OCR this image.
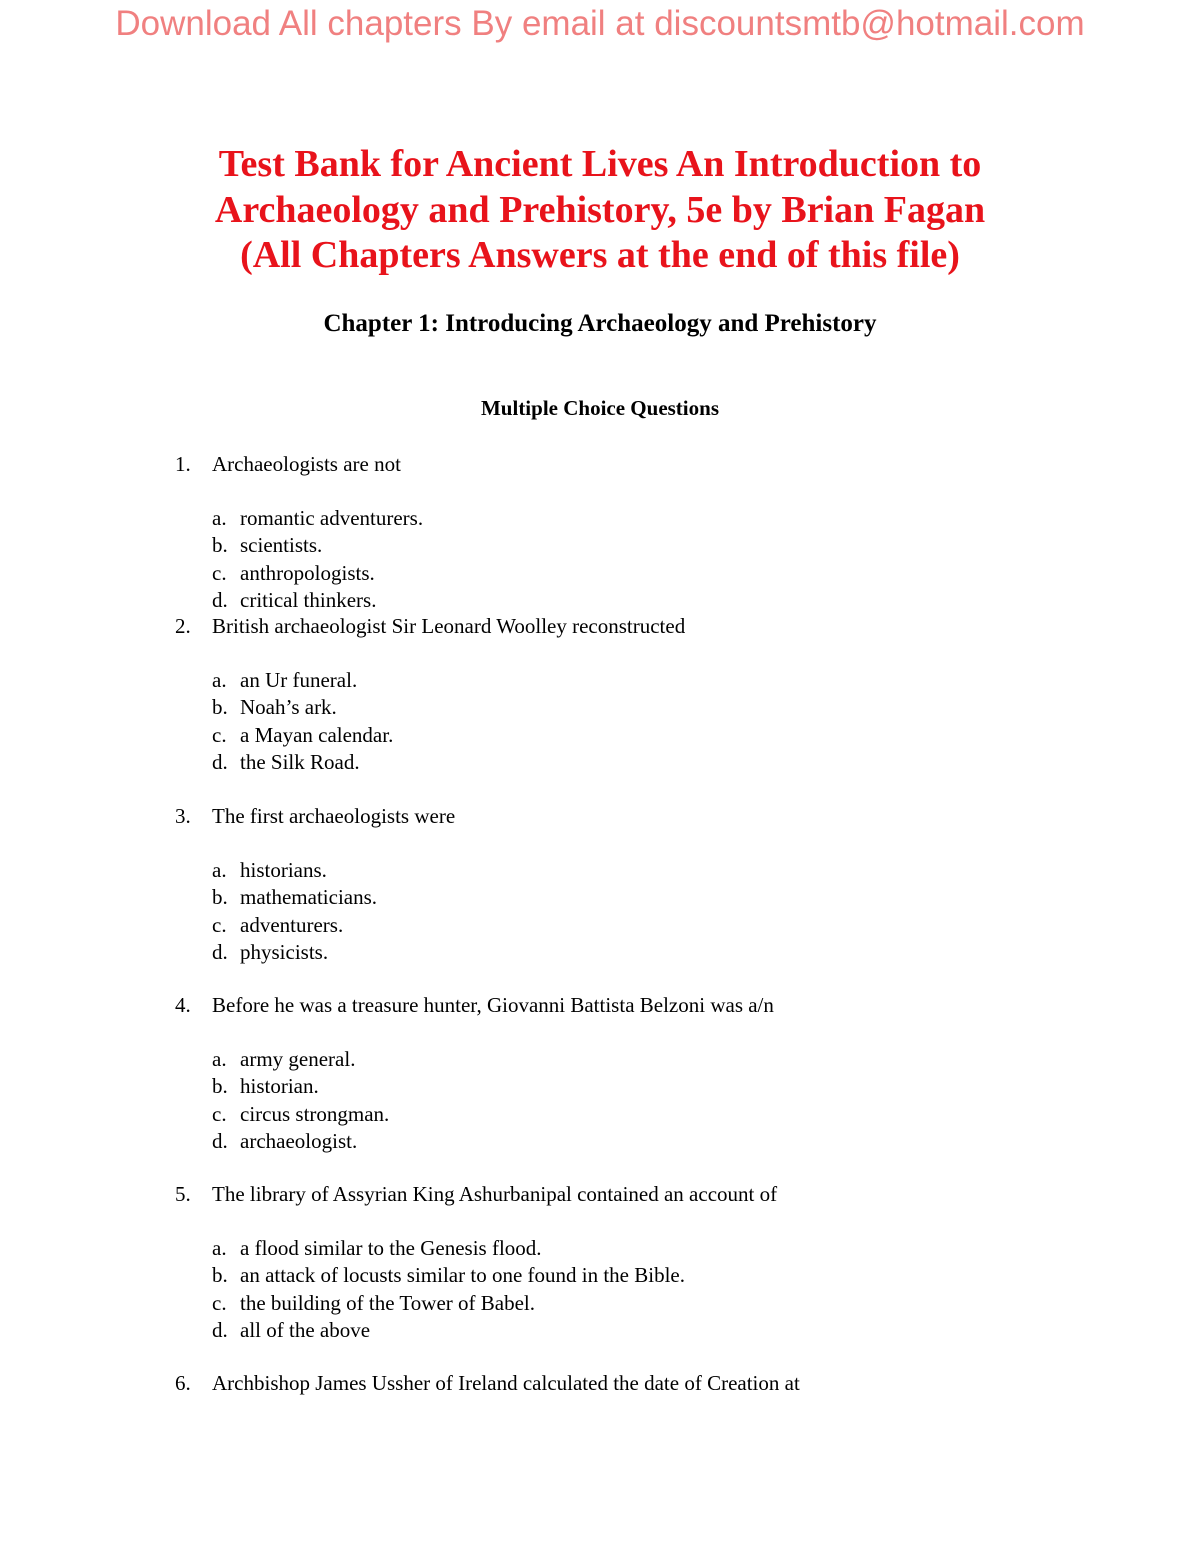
Download All chapters By email at discountsmtb@hotmail.com
Test Bank for Ancient Lives An Introduction to
Archaeology and Prehistory, 5e by Brian Fagan
(All Chapters Answers at the end of this file)
Chapter 1: Introducing Archaeology and Prehistory
Multiple Choice Questions
1. Archaeologists are not
a. romantic adventurers.
b. scientists.
c. anthropologists.
d. critical thinkers.
2. British archaeologist Sir Leonard Woolley reconstructed
a. an Ur funeral.
b. Noah’s ark.
c. a Mayan calendar.
d. the Silk Road.
3. The first archaeologists were
a. historians.
b. mathematicians.
c. adventurers.
d. physicists.
4. Before he was a treasure hunter, Giovanni Battista Belzoni was a/n
a. army general.
b. historian.
c. circus strongman.
d. archaeologist.
5. The library of Assyrian King Ashurbanipal contained an account of
a. a flood similar to the Genesis flood.
b. an attack of locusts similar to one found in the Bible.
c. the building of the Tower of Babel.
d. all of the above
6. Archbishop James Ussher of Ireland calculated the date of Creation at
